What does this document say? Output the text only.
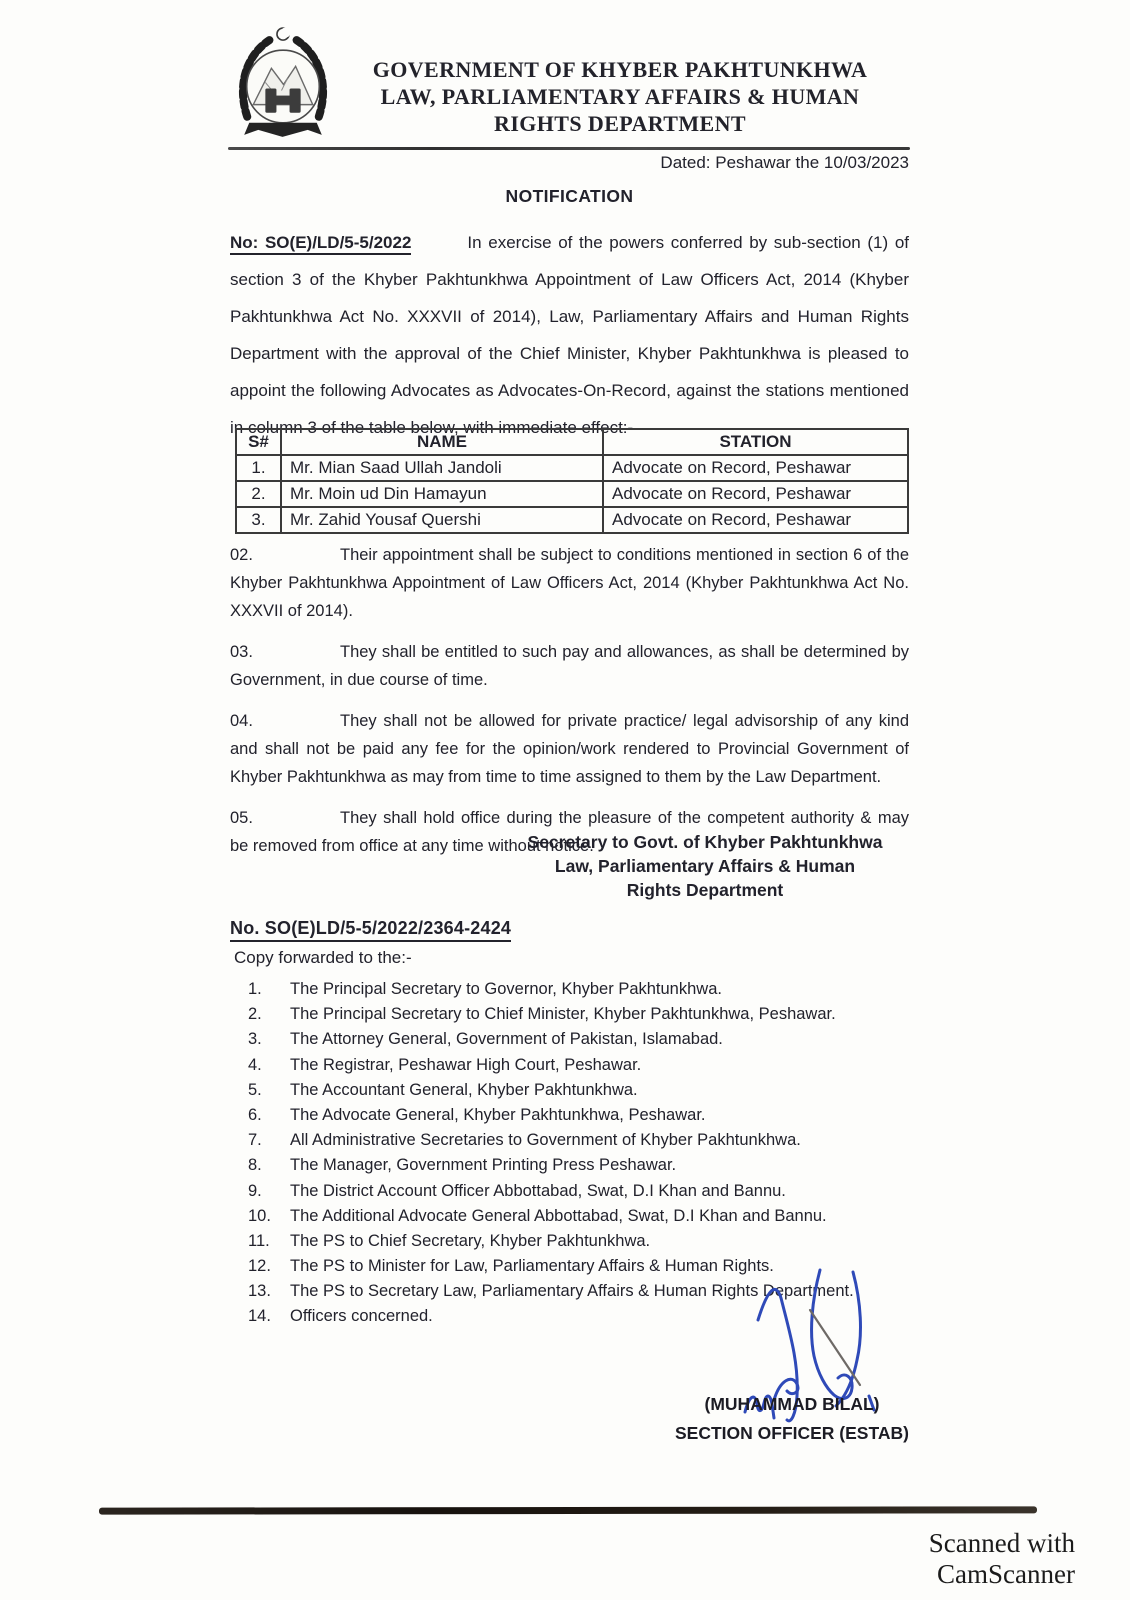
GOVERNMENT OF KHYBER PAKHTUNKHWA
LAW, PARLIAMENTARY AFFAIRS & HUMAN
RIGHTS DEPARTMENT
Dated: Peshawar the 10/03/2023
NOTIFICATION
No: SO(E)/LD/5-5/2022	In exercise of the powers conferred by sub-section (1) of section 3 of the Khyber Pakhtunkhwa Appointment of Law Officers Act, 2014 (Khyber Pakhtunkhwa Act No. XXXVII of 2014), Law, Parliamentary Affairs and Human Rights Department with the approval of the Chief Minister, Khyber Pakhtunkhwa is pleased to appoint the following Advocates as Advocates-On-Record, against the stations mentioned in column 3 of the table below, with immediate effect:-
S#	NAME	STATION
1.	Mr. Mian Saad Ullah Jandoli	Advocate on Record, Peshawar
2.	Mr. Moin ud Din Hamayun	Advocate on Record, Peshawar
3.	Mr. Zahid Yousaf Quershi	Advocate on Record, Peshawar

02.	Their appointment shall be subject to conditions mentioned in section 6 of the Khyber Pakhtunkhwa Appointment of Law Officers Act, 2014 (Khyber Pakhtunkhwa Act No. XXXVII of 2014).

03.	They shall be entitled to such pay and allowances, as shall be determined by Government, in due course of time.

04.	They shall not be allowed for private practice/ legal advisorship of any kind and shall not be paid any fee for the opinion/work rendered to Provincial Government of Khyber Pakhtunkhwa as may from time to time assigned to them by the Law Department.

05.	They shall hold office during the pleasure of the competent authority & may be removed from office at any time without notice.

Secretary to Govt. of Khyber Pakhtunkhwa
Law, Parliamentary Affairs & Human
Rights Department
No. SO(E)LD/5-5/2022/2364-2424
Copy forwarded to the:-
1.	The Principal Secretary to Governor, Khyber Pakhtunkhwa.
2.	The Principal Secretary to Chief Minister, Khyber Pakhtunkhwa, Peshawar.
3.	The Attorney General, Government of Pakistan, Islamabad.
4.	The Registrar, Peshawar High Court, Peshawar.
5.	The Accountant General, Khyber Pakhtunkhwa.
6.	The Advocate General, Khyber Pakhtunkhwa, Peshawar.
7.	All Administrative Secretaries to Government of Khyber Pakhtunkhwa.
8.	The Manager, Government Printing Press Peshawar.
9.	The District Account Officer Abbottabad, Swat, D.I Khan and Bannu.
10.	The Additional Advocate General Abbottabad, Swat, D.I Khan and Bannu.
11.	The PS to Chief Secretary, Khyber Pakhtunkhwa.
12.	The PS to Minister for Law, Parliamentary Affairs & Human Rights.
13.	The PS to Secretary Law, Parliamentary Affairs & Human Rights Department.
14.	Officers concerned.
(MUHAMMAD BILAL)
SECTION OFFICER (ESTAB)
Scanned with CamScanner
